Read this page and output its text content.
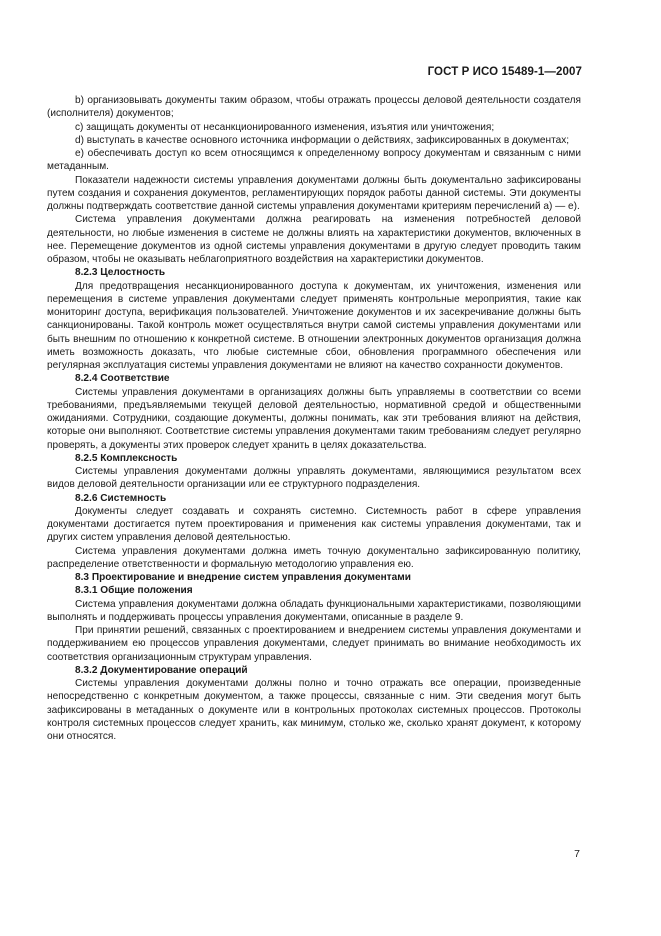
ГОСТ Р ИСО 15489-1—2007

b) организовывать документы таким образом, чтобы отражать процессы деловой деятельности создателя (исполнителя) документов;

c) защищать документы от несанкционированного изменения, изъятия или уничтожения;

d) выступать в качестве основного источника информации о действиях, зафиксированных в документах;

e) обеспечивать доступ ко всем относящимся к определенному вопросу документам и связанным с ними метаданным.

Показатели надежности системы управления документами должны быть документально зафиксированы путем создания и сохранения документов, регламентирующих порядок работы данной системы. Эти документы должны подтверждать соответствие данной системы управления документами критериям перечислений а) — е).

Система управления документами должна реагировать на изменения потребностей деловой деятельности, но любые изменения в системе не должны влиять на характеристики документов, включенных в нее. Перемещение документов из одной системы управления документами в другую следует проводить таким образом, чтобы не оказывать неблагоприятного воздействия на характеристики документов.

8.2.3 Целостность

Для предотвращения несанкционированного доступа к документам, их уничтожения, изменения или перемещения в системе управления документами следует применять контрольные мероприятия, такие как мониторинг доступа, верификация пользователей. Уничтожение документов и их засекречивание должны быть санкционированы. Такой контроль может осуществляться внутри самой системы управления документами или быть внешним по отношению к конкретной системе. В отношении электронных документов организация должна иметь возможность доказать, что любые системные сбои, обновления программного обеспечения или регулярная эксплуатация системы управления документами не влияют на качество сохранности документов.

8.2.4 Соответствие

Системы управления документами в организациях должны быть управляемы в соответствии со всеми требованиями, предъявляемыми текущей деловой деятельностью, нормативной средой и общественными ожиданиями. Сотрудники, создающие документы, должны понимать, как эти требования влияют на действия, которые они выполняют. Соответствие системы управления документами таким требованиям следует регулярно проверять, а документы этих проверок следует хранить в целях доказательства.

8.2.5 Комплексность

Системы управления документами должны управлять документами, являющимися результатом всех видов деловой деятельности организации или ее структурного подразделения.

8.2.6 Системность

Документы следует создавать и сохранять системно. Системность работ в сфере управления документами достигается путем проектирования и применения как системы управления документами, так и других систем управления деловой деятельностью.

Система управления документами должна иметь точную документально зафиксированную политику, распределение ответственности и формальную методологию управления ею.

8.3 Проектирование и внедрение систем управления документами

8.3.1 Общие положения

Система управления документами должна обладать функциональными характеристиками, позволяющими выполнять и поддерживать процессы управления документами, описанные в разделе 9.

При принятии решений, связанных с проектированием и внедрением системы управления документами и поддерживанием ею процессов управления документами, следует принимать во внимание необходимость их соответствия организационным структурам управления.

8.3.2 Документирование операций

Системы управления документами должны полно и точно отражать все операции, произведенные непосредственно с конкретным документом, а также процессы, связанные с ним. Эти сведения могут быть зафиксированы в метаданных о документе или в контрольных протоколах системных процессов. Протоколы контроля системных процессов следует хранить, как минимум, столько же, сколько хранят документ, к которому они относятся.

7
